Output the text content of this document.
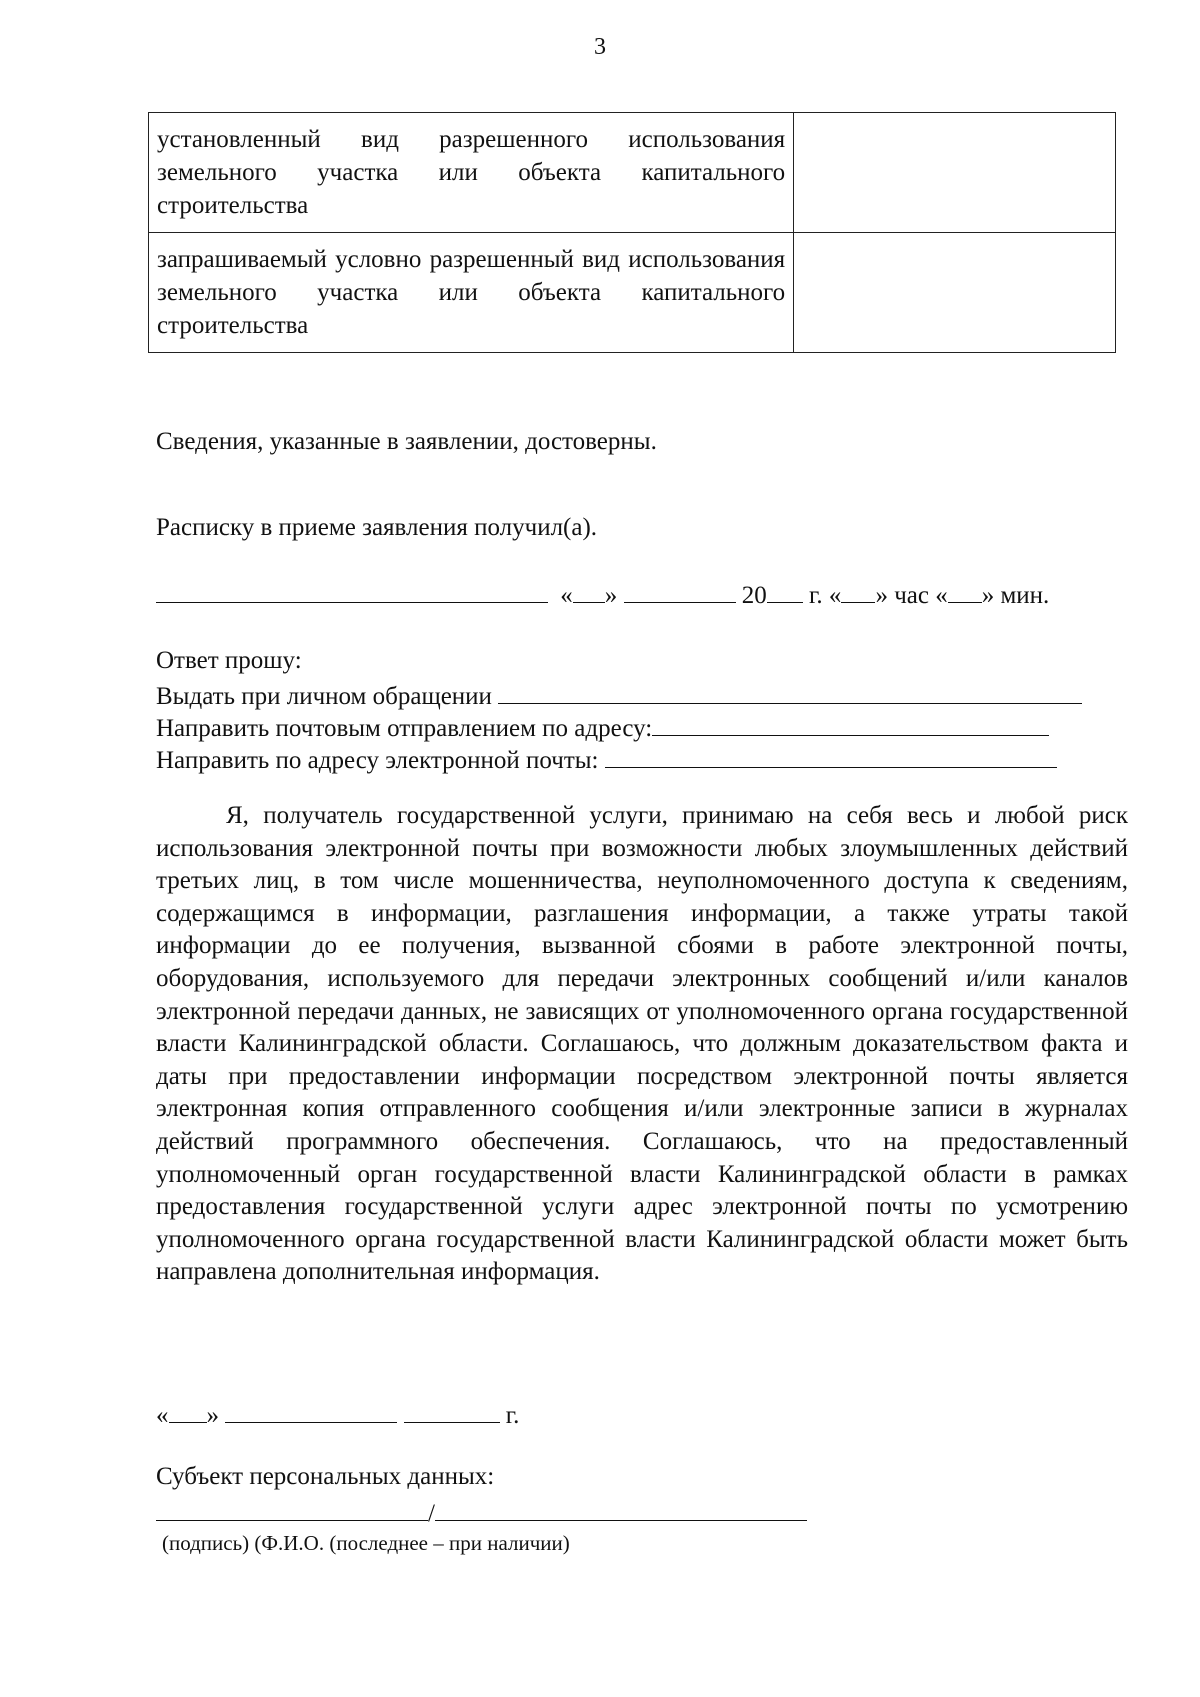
3
установленный вид разрешенного использования земельного участка или объекта капитального строительства	
запрашиваемый условно разрешенный вид использования земельного участка или объекта капитального строительства	
Сведения, указанные в заявлении, достоверны.
Расписку в приеме заявления получил(а).
« »	20 г. « » час « » мин.
Ответ прошу:
Выдать при личном обращении
Направить почтовым отправлением по адресу:
Направить по адресу электронной почты:
Я, получатель государственной услуги, принимаю на себя весь и любой риск использования электронной почты при возможности любых злоумышленных действий третьих лиц, в том числе мошенничества, неуполномоченного доступа к сведениям, содержащимся в информации, разглашения информации, а также утраты такой информации до ее получения, вызванной сбоями в работе электронной почты, оборудования, используемого для передачи электронных сообщений и/или каналов электронной передачи данных, не зависящих от уполномоченного органа государственной власти Калининградской области. Соглашаюсь, что должным доказательством факта и даты при предоставлении информации посредством электронной почты является электронная копия отправленного сообщения и/или электронные записи в журналах действий программного обеспечения. Соглашаюсь, что на предоставленный уполномоченный орган государственной власти Калининградской области в рамках предоставления государственной услуги адрес электронной почты по усмотрению уполномоченного органа государственной власти Калининградской области может быть направлена дополнительная информация.
« »	г.
Субъект персональных данных:
/
(подпись) (Ф.И.О. (последнее – при наличии)
